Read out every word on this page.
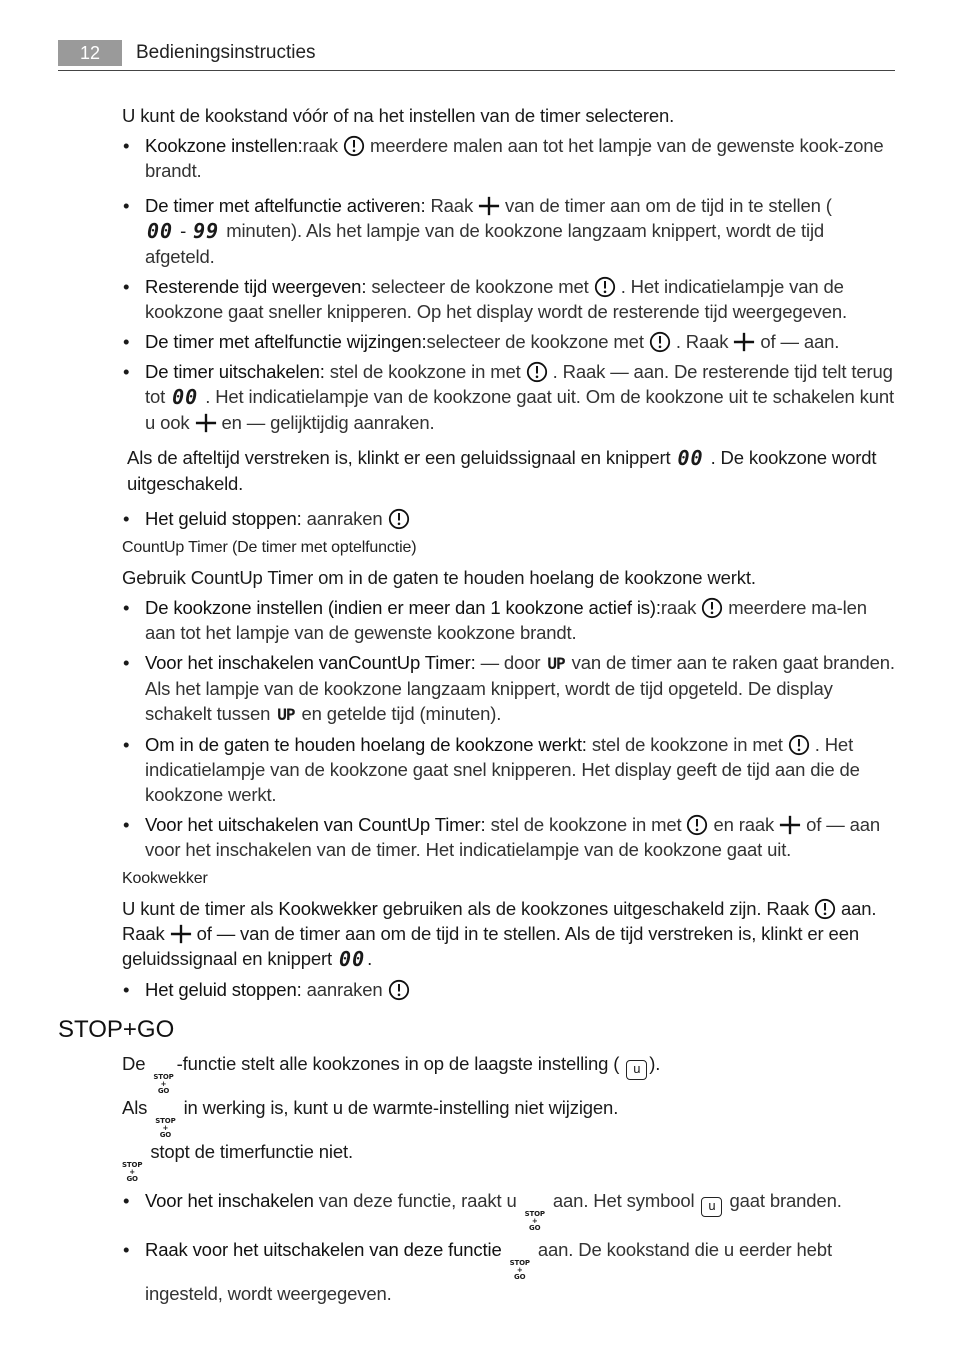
12	Bedieningsinstructies

U kunt de kookstand vóór of na het instellen van de timer selecteren.

• Kookzone instellen:raak meerdere malen aan tot het lampje van de gewenste kook-zone brandt.
• De timer met aftelfunctie activeren: Raak van de timer aan om de tijd in te stellen (
00 - 99 minuten). Als het lampje van de kookzone langzaam knippert, wordt de tijd afgeteld.
• Resterende tijd weergeven: selecteer de kookzone met . Het indicatielampje van de kookzone gaat sneller knipperen. Op het display wordt de resterende tijd weergegeven.
• De timer met aftelfunctie wijzingen:selecteer de kookzone met . Raak of — aan.
• De timer uitschakelen: stel de kookzone in met . Raak — aan. De resterende tijd telt terug tot 00 . Het indicatielampje van de kookzone gaat uit. Om de kookzone uit te schakelen kunt u ook en — gelijktijdig aanraken.

Als de afteltijd verstreken is, klinkt er een geluidssignaal en knippert 00 . De kookzone wordt uitgeschakeld.

• Het geluid stoppen: aanraken

CountUp Timer (De timer met optelfunctie)

Gebruik CountUp Timer om in de gaten te houden hoelang de kookzone werkt.

• De kookzone instellen (indien er meer dan 1 kookzone actief is):raak meerdere ma-len aan tot het lampje van de gewenste kookzone brandt.
• Voor het inschakelen vanCountUp Timer: — door UP van de timer aan te raken gaat branden. Als het lampje van de kookzone langzaam knippert, wordt de tijd opgeteld. De display schakelt tussen UP en getelde tijd (minuten).
• Om in de gaten te houden hoelang de kookzone werkt: stel de kookzone in met . Het indicatielampje van de kookzone gaat snel knipperen. Het display geeft de tijd aan die de kookzone werkt.
• Voor het uitschakelen van CountUp Timer: stel de kookzone in met en raak of — aan voor het inschakelen van de timer. Het indicatielampje van de kookzone gaat uit.

Kookwekker

U kunt de timer als Kookwekker gebruiken als de kookzones uitgeschakeld zijn. Raak aan. Raak of — van de timer aan om de tijd in te stellen. Als de tijd verstreken is, klinkt er een geluidssignaal en knippert 00 .

• Het geluid stoppen: aanraken
STOP+GO

De
STOP
+
GO
-functie stelt alle kookzones in op de laagste instelling ( u ).

Als
STOP
+
GO
in werking is, kunt u de warmte-instelling niet wijzigen.

STOP
+
GO
stopt de timerfunctie niet.

• Voor het inschakelen van deze functie, raakt u
STOP
+
GO
aan. Het symbool u gaat branden.
• Raak voor het uitschakelen van deze functie
STOP
+
GO
aan. De kookstand die u eerder hebt ingesteld, wordt weergegeven.
